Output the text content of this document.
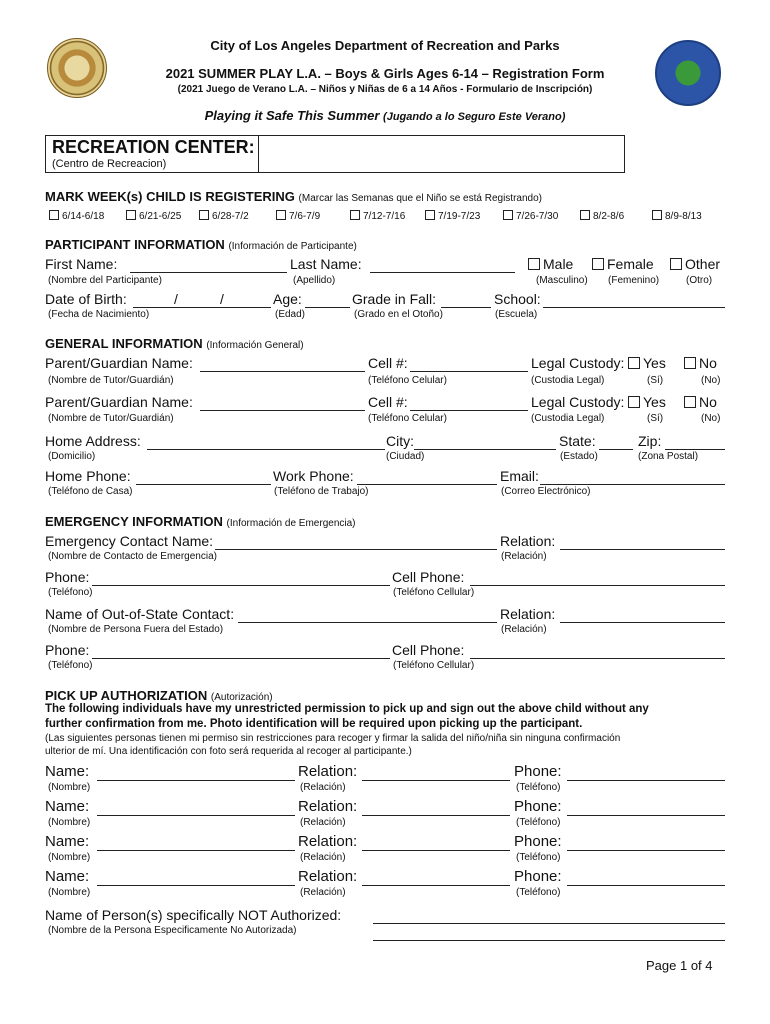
City of Los Angeles Department of Recreation and Parks
2021 SUMMER PLAY L.A. – Boys & Girls Ages 6-14 – Registration Form
(2021 Juego de Verano L.A. – Niños y Niñas de 6 a 14 Años - Formulario de Inscripción)
Playing it Safe This Summer (Jugando a lo Seguro Este Verano)
RECREATION CENTER:
(Centro de Recreacion)
MARK WEEK(s) CHILD IS REGISTERING (Marcar las Semanas que el Niño se está Registrando)
6/14-6/18	6/21-6/25	6/28-7/2	7/6-7/9	7/12-7/16	7/19-7/23	7/26-7/30	8/2-8/6	8/9-8/13
PARTICIPANT INFORMATION (Información de Participante)
First Name:	Last Name:	Male	Female	Other
(Nombre del Participante)	(Apellido)	(Masculino) (Femenino)	(Otro)
Date of Birth:	/	/	Age:	Grade in Fall:	School:
(Fecha de Nacimiento)	(Edad)	(Grado en el Otoño)	(Escuela)
GENERAL INFORMATION (Información General)
Parent/Guardian Name:	Cell #:	Legal Custody:	Yes	No
(Nombre de Tutor/Guardián)	(Teléfono Celular)	(Custodia Legal)	(Sí)	(No)
Parent/Guardian Name:	Cell #:	Legal Custody:	Yes	No
(Nombre de Tutor/Guardián)	(Teléfono Celular)	(Custodia Legal)	(Sí)	(No)
Home Address:	City:	State:	Zip:
(Domicilio)	(Ciudad)	(Estado)	(Zona Postal)
Home Phone:	Work Phone:	Email:
(Teléfono de Casa)	(Teléfono de Trabajo)	(Correo Electrónico)
EMERGENCY INFORMATION (Información de Emergencia)
Emergency Contact Name:	Relation:
(Nombre de Contacto de Emergencia)	(Relación)
Phone:	Cell Phone:
(Teléfono)	(Teléfono Cellular)
Name of Out-of-State Contact:	Relation:
(Nombre de Persona Fuera del Estado)	(Relación)
Phone:	Cell Phone:
(Teléfono)	(Teléfono Cellular)
PICK UP AUTHORIZATION (Autorización)
The following individuals have my unrestricted permission to pick up and sign out the above child without any
further confirmation from me. Photo identification will be required upon picking up the participant.
(Las siguientes personas tienen mi permiso sin restricciones para recoger y firmar la salida del niño/niña sin ninguna confirmación
ulterior de mí. Una identificación con foto será requerida al recoger al participante.)
Name:	Relation:	Phone:
(Nombre)	(Relación)	(Teléfono)
Name:	Relation:	Phone:
(Nombre)	(Relación)	(Teléfono)
Name:	Relation:	Phone:
(Nombre)	(Relación)	(Teléfono)
Name:	Relation:	Phone:
(Nombre)	(Relación)	(Teléfono)
Name of Person(s) specifically NOT Authorized:
(Nombre de la Persona Especificamente No Autorizada)
Page 1 of 4
